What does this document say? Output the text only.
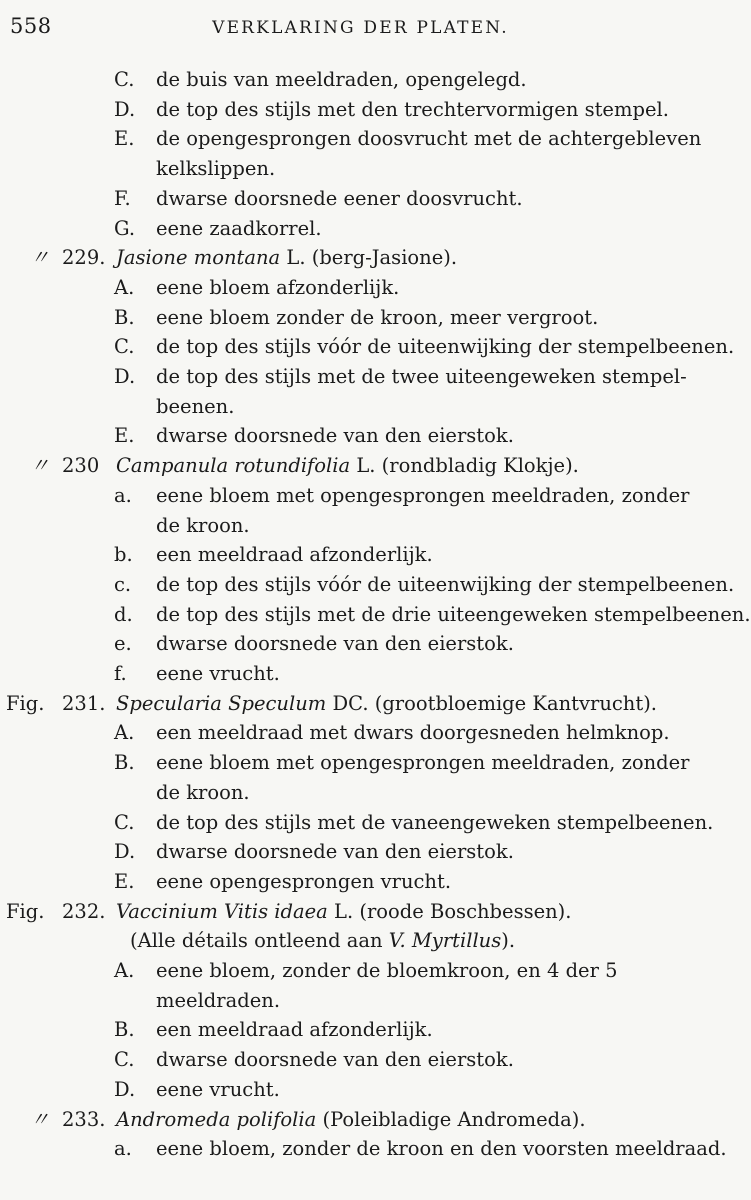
558	VERKLARING DER PLATEN.
C. de buis van meeldraden, opengelegd.
D. de top des stijls met den trechtervormigen stempel.
E. de opengesprongen doosvrucht met de achtergebleven
kelkslippen.
F. dwarse doorsnede eener doosvrucht.
G. eene zaadkorrel.
〃 229. Jasione montana L. (berg-Jasione).
A. eene bloem afzonderlijk.
B. eene bloem zonder de kroon, meer vergroot.
C. de top des stijls vóór de uiteenwijking der stempelbeenen.
D. de top des stijls met de twee uiteengeweken stempel-
beenen.
E. dwarse doorsnede van den eierstok.
〃 230 Campanula rotundifolia L. (rondbladig Klokje).
a. eene bloem met opengesprongen meeldraden, zonder
de kroon.
b. een meeldraad afzonderlijk.
c. de top des stijls vóór de uiteenwijking der stempelbeenen.
d. de top des stijls met de drie uiteengeweken stempelbeenen.
e. dwarse doorsnede van den eierstok.
f. eene vrucht.
Fig. 231. Specularia Speculum DC. (grootbloemige Kantvrucht).
A. een meeldraad met dwars doorgesneden helmknop.
B. eene bloem met opengesprongen meeldraden, zonder
de kroon.
C. de top des stijls met de vaneengeweken stempelbeenen.
D. dwarse doorsnede van den eierstok.
E. eene opengesprongen vrucht.
Fig. 232. Vaccinium Vitis idaea L. (roode Boschbessen).
(Alle détails ontleend aan V. Myrtillus).
A. eene bloem, zonder de bloemkroon, en 4 der 5
meeldraden.
B. een meeldraad afzonderlijk.
C. dwarse doorsnede van den eierstok.
D. eene vrucht.
〃 233. Andromeda polifolia (Poleibladige Andromeda).
a. eene bloem, zonder de kroon en den voorsten meeldraad.
